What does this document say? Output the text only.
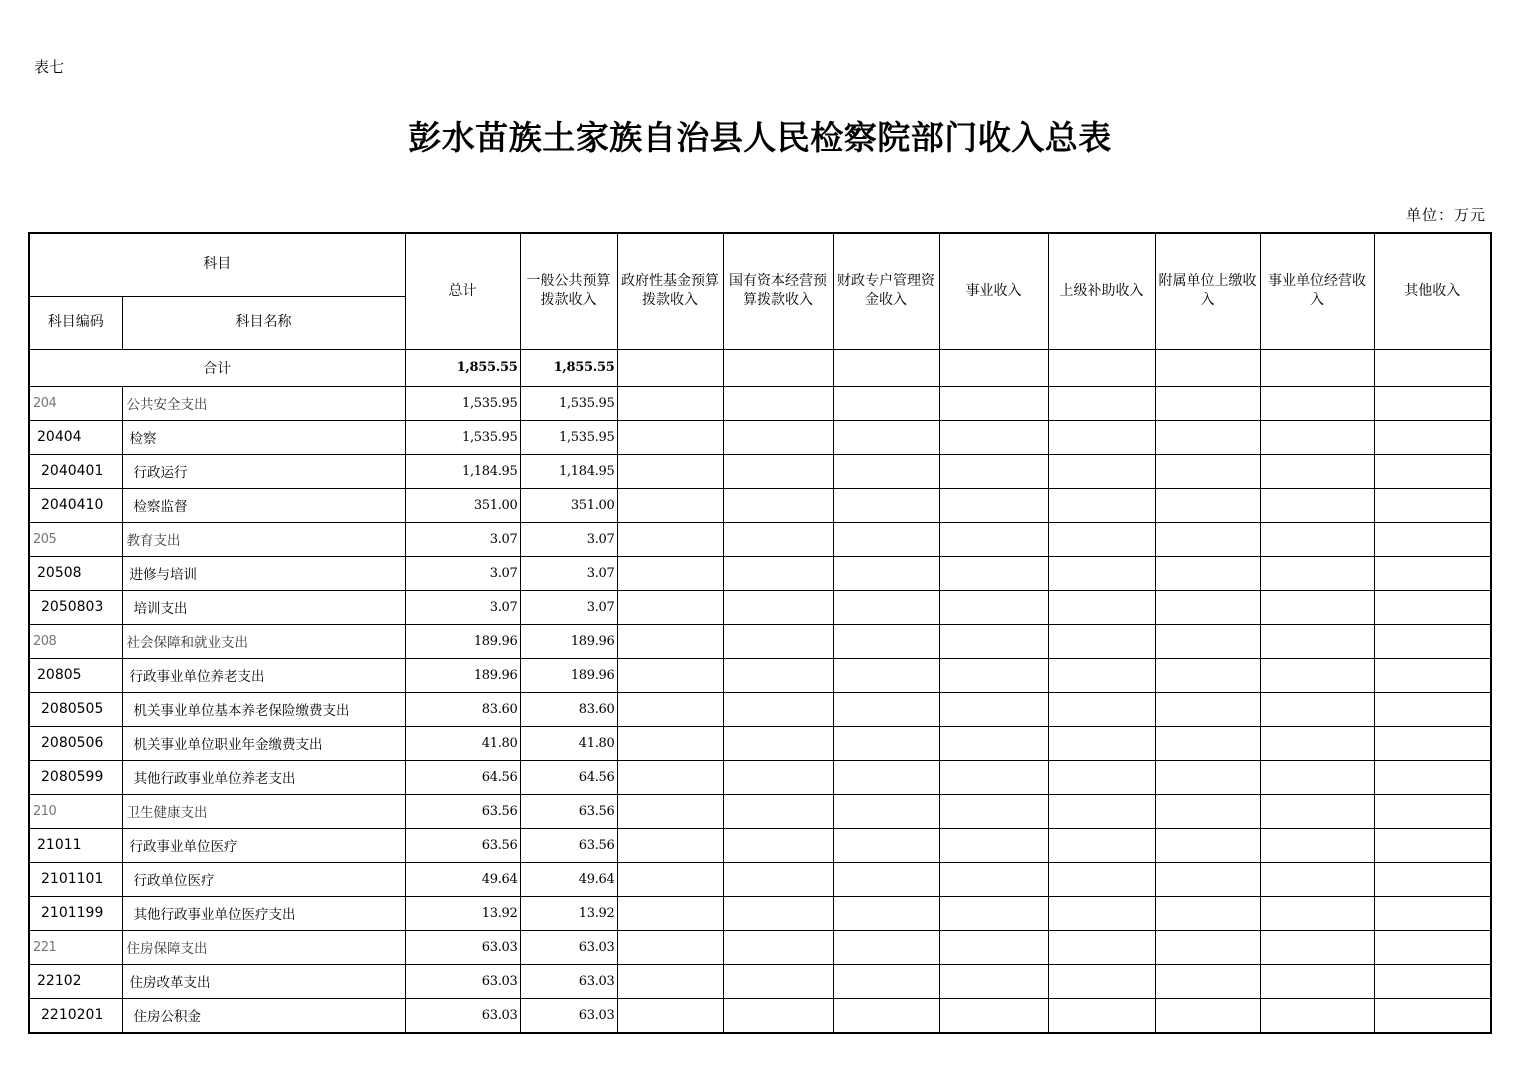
表七
彭水苗族土家族自治县人民检察院部门收入总表
单位：万元
科目		总计	一般公共预算拨款收入	政府性基金预算拨款收入	国有资本经营预算拨款收入	财政专户管理资金收入	事业收入	上级补助收入	附属单位上缴收入	事业单位经营收入	其他收入
科目编码	科目名称										
合计		1,855.55	1,855.55								
204	公共安全支出	1,535.95	1,535.95								
20404	检察	1,535.95	1,535.95								
2040401	行政运行	1,184.95	1,184.95								
2040410	检察监督	351.00	351.00								
205	教育支出	3.07	3.07								
20508	进修与培训	3.07	3.07								
2050803	培训支出	3.07	3.07								
208	社会保障和就业支出	189.96	189.96								
20805	行政事业单位养老支出	189.96	189.96								
2080505	机关事业单位基本养老保险缴费支出	83.60	83.60								
2080506	机关事业单位职业年金缴费支出	41.80	41.80								
2080599	其他行政事业单位养老支出	64.56	64.56								
210	卫生健康支出	63.56	63.56								
21011	行政事业单位医疗	63.56	63.56								
2101101	行政单位医疗	49.64	49.64								
2101199	其他行政事业单位医疗支出	13.92	13.92								
221	住房保障支出	63.03	63.03								
22102	住房改革支出	63.03	63.03								
2210201	住房公积金	63.03	63.03								
